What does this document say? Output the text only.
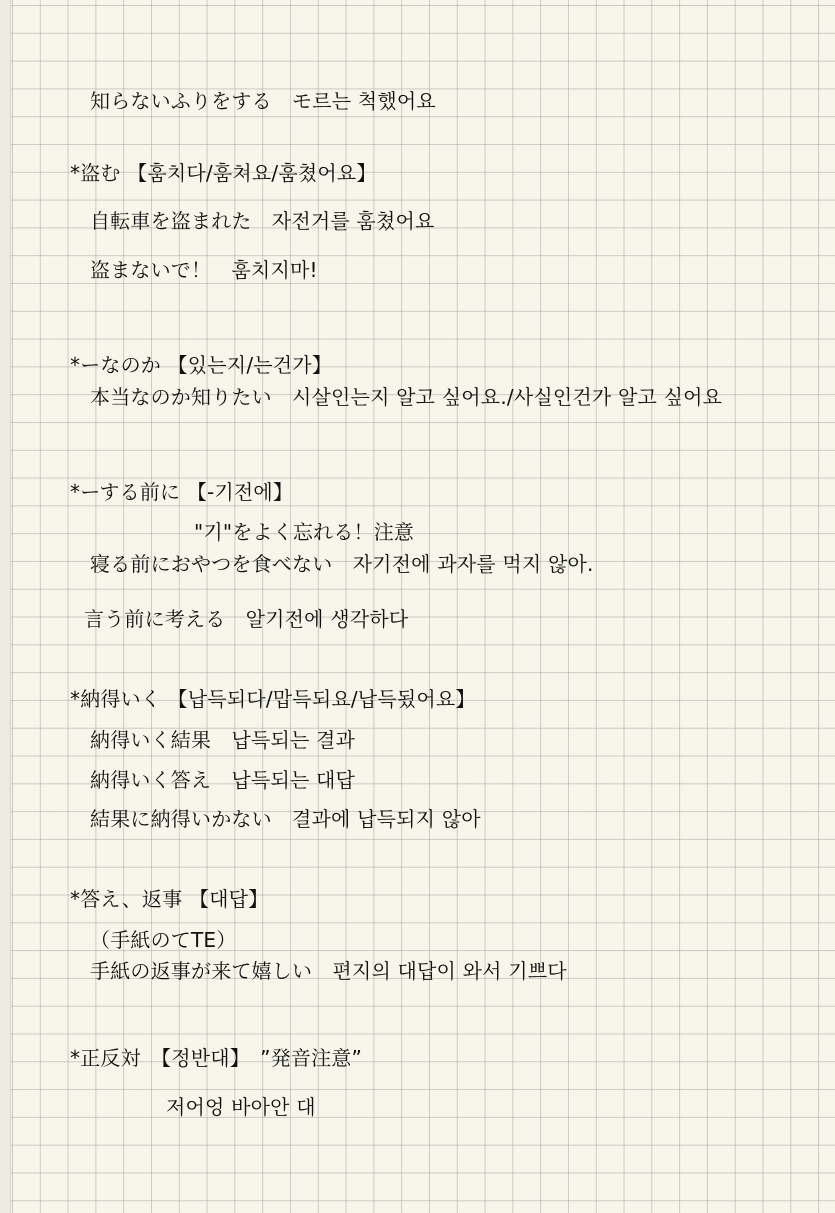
知らないふりをする　モ르는 척했어요
*盗む 【훔치다/훔쳐요/훔쳤어요】
自転車を盗まれた　자전거를 훔쳤어요
盗まないで！　훔치지마!
*ーなのか 【있는지/는건가】
本当なのか知りたい　시살인는지 알고 싶어요./사실인건가 알고 싶어요
*ーする前に 【-기전에】
"기"をよく忘れる！注意
寝る前におやつを食べない　자기전에 과자를 먹지 않아.
言う前に考える　알기전에 생각하다
*納得いく 【납득되다/맙득되요/납득됬어요】
納得いく結果　납득되는 결과
納得いく答え　납득되는 대답
結果に納得いかない　결과에 납득되지 않아
*答え、返事 【대답】
（手紙のてTE）
手紙の返事が来て嬉しい　편지의 대답이 와서 기쁘다
*正反対　【정반대】　”発音注意”
저어엉 바아안 대
